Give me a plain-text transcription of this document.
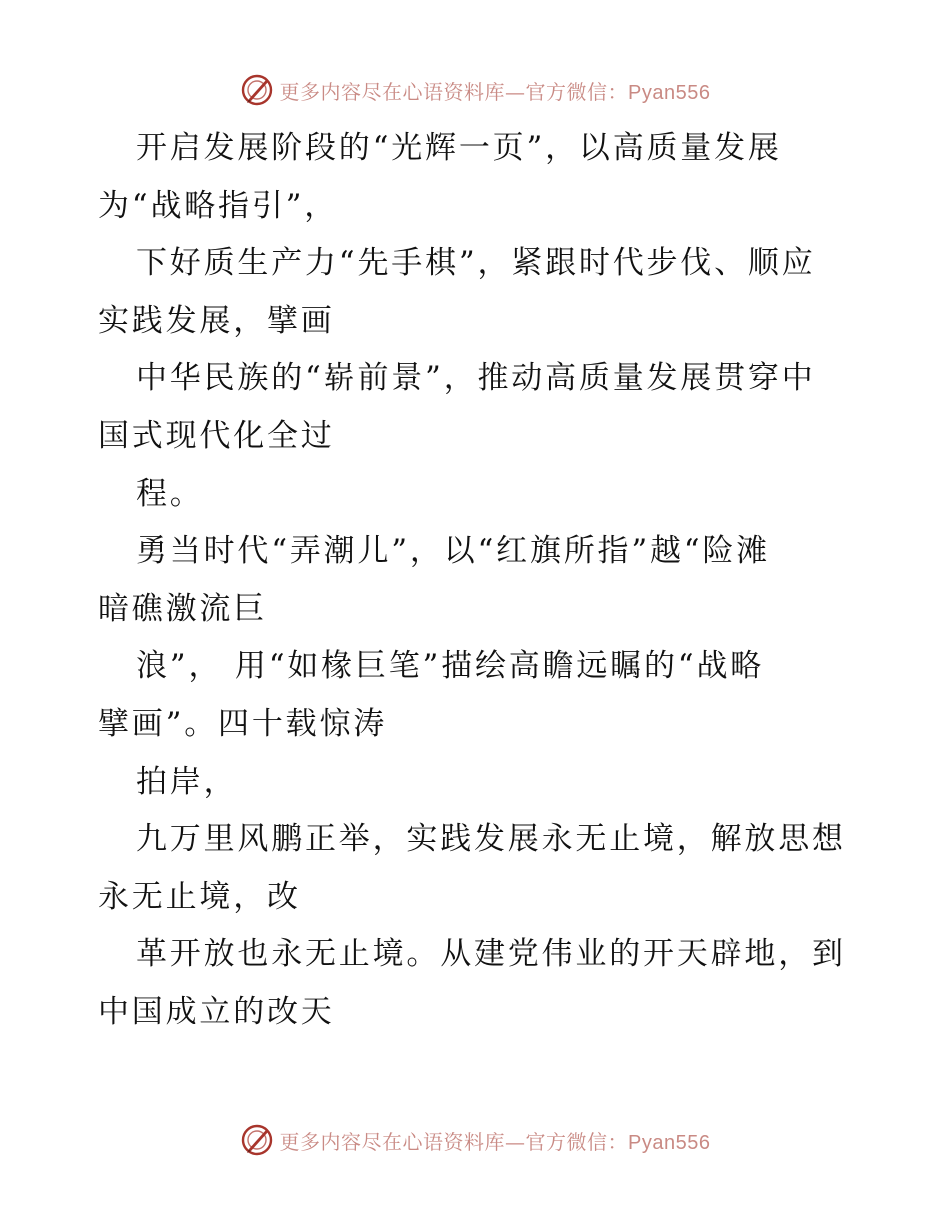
更多内容尽在心语资料库—官方微信：Pyan556
开启发展阶段的“光辉一页”，以高质量发展
为“战略指引”，
下好质生产力“先手棋”，紧跟时代步伐、顺应
实践发展，擘画
中华民族的“崭前景”，推动高质量发展贯穿中
国式现代化全过
程。
勇当时代“弄潮儿”，以“红旗所指”越“险滩
暗礁激流巨
浪”， 用“如椽巨笔”描绘高瞻远瞩的“战略
擘画”。四十载惊涛
拍岸，
九万里风鹏正举，实践发展永无止境，解放思想
永无止境，改
革开放也永无止境。从建党伟业的开天辟地，到
中国成立的改天
更多内容尽在心语资料库—官方微信：Pyan556
